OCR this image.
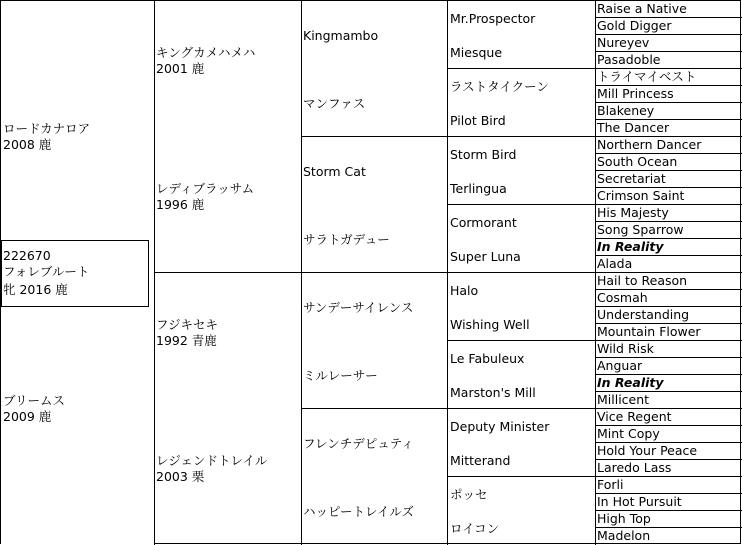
ロードカナロア
2008 鹿
222670
フォレブルート
牝 2016 鹿
ブリームス
2009 鹿
キングカメハメハ
2001 鹿
レディブラッサム
1996 鹿
フジキセキ
1992 青鹿
レジェンドトレイル
2003 栗
Kingmambo
マンファス
Storm Cat
サラトガデュー
サンデーサイレンス
ミルレーサー
フレンチデピュティ
ハッピートレイルズ
Mr.Prospector
Miesque
ラストタイクーン
Pilot Bird
Storm Bird
Terlingua
Cormorant
Super Luna
Halo
Wishing Well
Le Fabuleux
Marston's Mill
Deputy Minister
Mitterand
ポッセ
ロイコン
Raise a Native
Gold Digger
Nureyev
Pasadoble
トライマイベスト
Mill Princess
Blakeney
The Dancer
Northern Dancer
South Ocean
Secretariat
Crimson Saint
His Majesty
Song Sparrow
In Reality
Alada
Hail to Reason
Cosmah
Understanding
Mountain Flower
Wild Risk
Anguar
In Reality
Millicent
Vice Regent
Mint Copy
Hold Your Peace
Laredo Lass
Forli
In Hot Pursuit
High Top
Madelon
